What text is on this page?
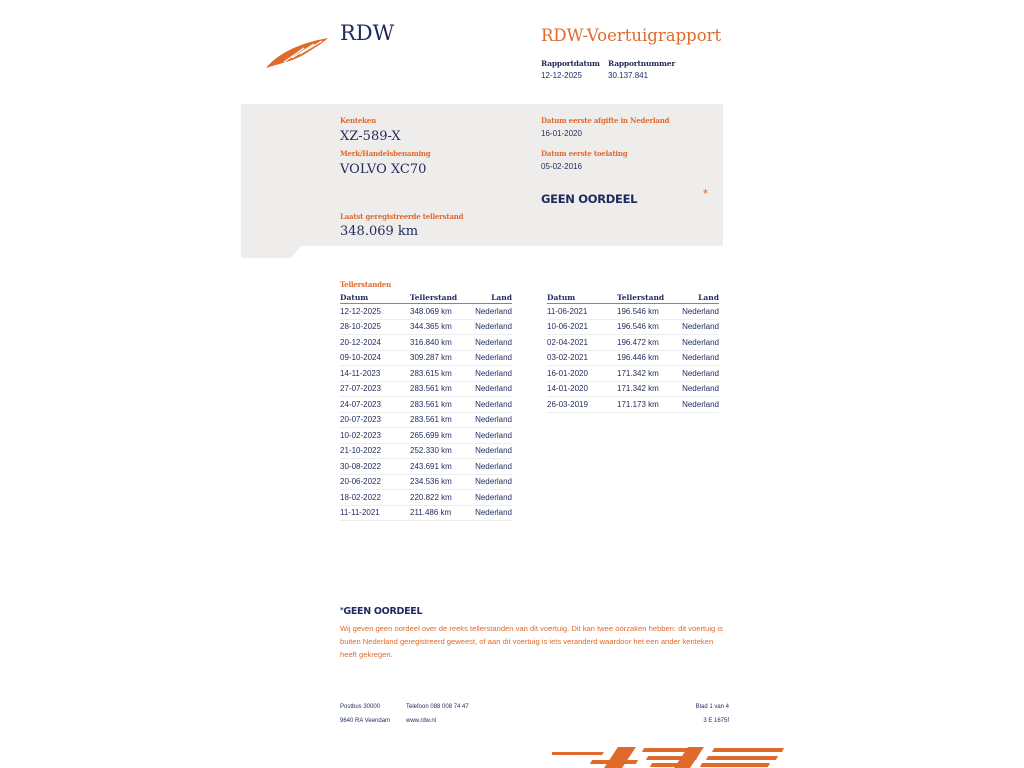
RDW	RDW-Voertuigrapport
Rapportdatum Rapportnummer
12-12-2025	30.137.841
Kenteken
XZ-589-X
Merk/Handelsbenaming
VOLVO XC70
Datum eerste afgifte in Nederland
16-01-2020
Datum eerste toelating
05-02-2016
GEEN OORDEEL	*
Laatst geregistreerde tellerstand
348.069 km
Tellerstanden
Datum	Tellerstand	Land
12-12-2025	348.069 km	Nederland
28-10-2025	344.365 km	Nederland
20-12-2024	316.840 km	Nederland
09-10-2024	309.287 km	Nederland
14-11-2023	283.615 km	Nederland
27-07-2023	283.561 km	Nederland
24-07-2023	283.561 km	Nederland
20-07-2023	283.561 km	Nederland
10-02-2023	265.699 km	Nederland
21-10-2022	252.330 km	Nederland
30-08-2022	243.691 km	Nederland
20-06-2022	234.536 km	Nederland
18-02-2022	220.822 km	Nederland
11-11-2021	211.486 km	Nederland
Datum	Tellerstand	Land
11-06-2021	196.546 km	Nederland
10-06-2021	196.546 km	Nederland
02-04-2021	196.472 km	Nederland
03-02-2021	196.446 km	Nederland
16-01-2020	171.342 km	Nederland
14-01-2020	171.342 km	Nederland
26-03-2019	171.173 km	Nederland
*GEEN OORDEEL
Wij geven geen oordeel over de reeks tellerstanden van dit voertuig. Dit kan twee oorzaken hebben: dit voertuig is buiten Nederland geregistreerd geweest, of aan dit voertuig is iets veranderd waardoor het een ander kenteken heeft gekregen.
Postbus 30000
9640 RA Veendam
Telefoon 088 008 74 47
www.rdw.nl
Blad 1 van 4
3 E 1675f
